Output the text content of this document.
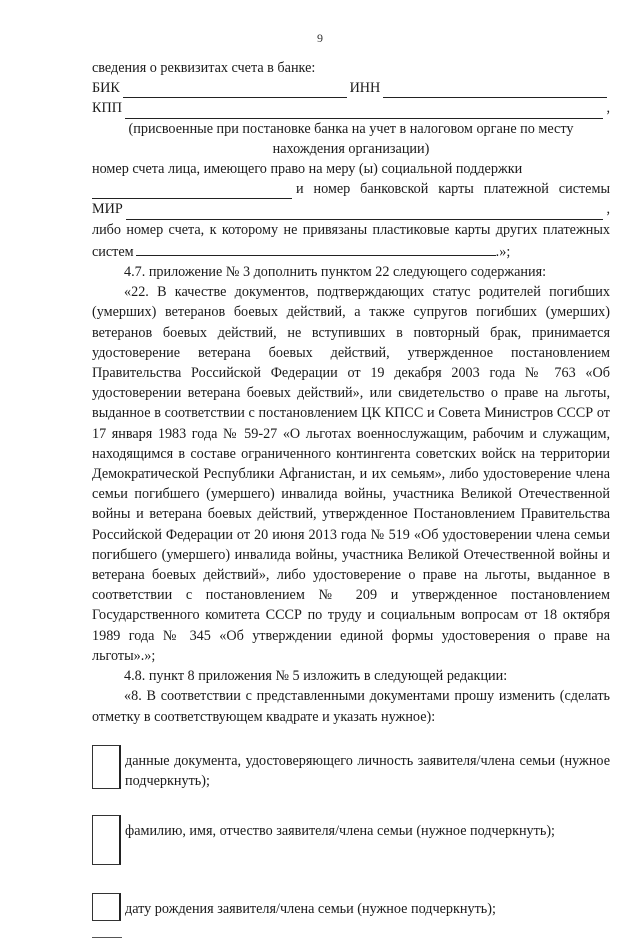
9

сведения о реквизитах счета в банке:

БИК	ИНН
КПП	,

(присвоенные при постановке банка на учет в налоговом органе по месту нахождения организации)

номер счета лица, имеющего право на меру (ы) социальной поддержки

и номер банковской карты платежной системы
МИР	,

либо номер счета, к которому не привязаны пластиковые карты других платежных систем	.»;

4.7. приложение № 3 дополнить пунктом 22 следующего содержания:

«22. В качестве документов, подтверждающих статус родителей погибших (умерших) ветеранов боевых действий, а также супругов погибших (умерших) ветеранов боевых действий, не вступивших в повторный брак, принимается удостоверение ветерана боевых действий, утвержденное постановлением Правительства Российской Федерации от 19 декабря 2003 года № 763 «Об удостоверении ветерана боевых действий», или свидетельство о праве на льготы, выданное в соответствии с постановлением ЦК КПСС и Совета Министров СССР от 17 января 1983 года № 59-27 «О льготах военнослужащим, рабочим и служащим, находящимся в составе ограниченного контингента советских войск на территории Демократической Республики Афганистан, и их семьям», либо удостоверение члена семьи погибшего (умершего) инвалида войны, участника Великой Отечественной войны и ветерана боевых действий, утвержденное Постановлением Правительства Российской Федерации от 20 июня 2013 года № 519 «Об удостоверении члена семьи погибшего (умершего) инвалида войны, участника Великой Отечественной войны и ветерана боевых действий», либо удостоверение о праве на льготы, выданное в соответствии с постановлением № 209 и утвержденное постановлением Государственного комитета СССР по труду и социальным вопросам от 18 октября 1989 года № 345 «Об утверждении единой формы удостоверения о праве на льготы».»;

4.8. пункт 8 приложения № 5 изложить в следующей редакции:

«8. В соответствии с представленными документами прошу изменить (сделать отметку в соответствующем квадрате и указать нужное):

данные документа, удостоверяющего личность заявителя/члена семьи (нужное подчеркнуть);

фамилию, имя, отчество заявителя/члена семьи (нужное подчеркнуть);

дату рождения заявителя/члена семьи (нужное подчеркнуть);
